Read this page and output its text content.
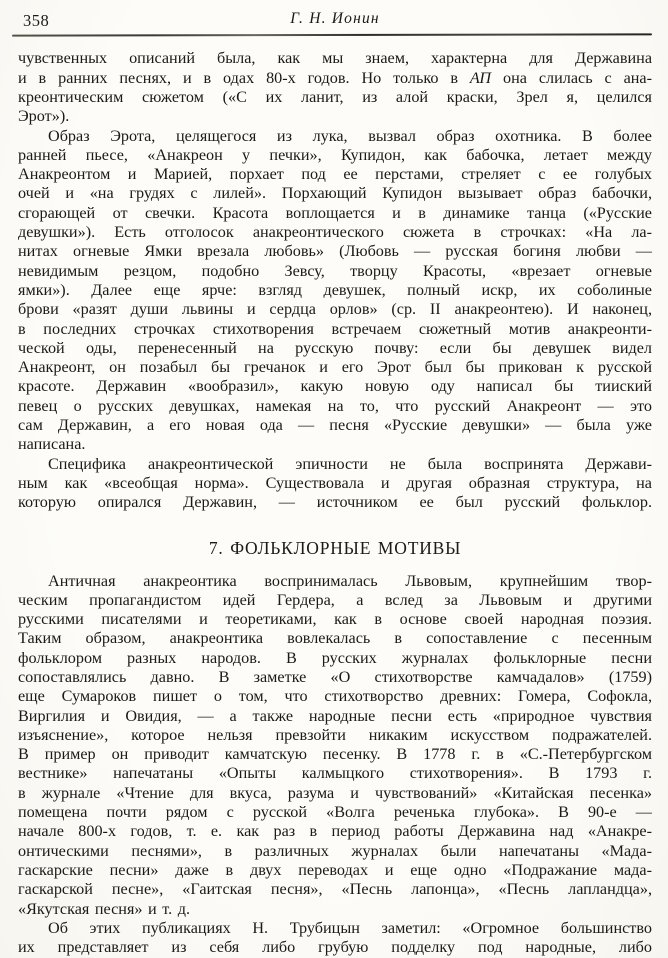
358	Г. Н. Ионин
чувственных описаний была, как мы знаем, характерна для Державина
и в ранних песнях, и в одах 80-х годов. Но только в АП она слилась с ана-
креонтическим сюжетом («С их ланит, из алой краски, Зрел я, целился
Эрот»).
Образ Эрота, целящегося из лука, вызвал образ охотника. В более
ранней пьесе, «Анакреон у печки», Купидон, как бабочка, летает между
Анакреонтом и Марией, порхает под ее перстами, стреляет с ее голубых
очей и «на грудях с лилей». Порхающий Купидон вызывает образ бабочки,
сгорающей от свечки. Красота воплощается и в динамике танца («Русские
девушки»). Есть отголосок анакреонтического сюжета в строчках: «На ла-
нитах огневые Ямки врезала любовь» (Любовь — русская богиня любви —
невидимым резцом, подобно Зевсу, творцу Красоты, «врезает огневые
ямки»). Далее еще ярче: взгляд девушек, полный искр, их соболиные
брови «разят души львины и сердца орлов» (ср. II анакреонтею). И наконец,
в последних строчках стихотворения встречаем сюжетный мотив анакреонти-
ческой оды, перенесенный на русскую почву: если бы девушек видел
Анакреонт, он позабыл бы гречанок и его Эрот был бы прикован к русской
красоте. Державин «вообразил», какую новую оду написал бы тииский
певец о русских девушках, намекая на то, что русский Анакреонт — это
сам Державин, а его новая ода — песня «Русские девушки» — была уже
написана.
Специфика анакреонтической эпичности не была воспринята Держави-
ным как «всеобщая норма». Существовала и другая образная структура, на
которую опирался Державин, — источником ее был русский фольклор.
7. ФОЛЬКЛОРНЫЕ МОТИВЫ
Античная анакреонтика воспринималась Львовым, крупнейшим твор-
ческим пропагандистом идей Гердера, а вслед за Львовым и другими
русскими писателями и теоретиками, как в основе своей народная поэзия.
Таким образом, анакреонтика вовлекалась в сопоставление с песенным
фольклором разных народов. В русских журналах фольклорные песни
сопоставлялись давно. В заметке «О стихотворстве камчадалов» (1759)
еще Сумароков пишет о том, что стихотворство древних: Гомера, Софокла,
Виргилия и Овидия, — а также народные песни есть «природное чувствия
изъяснение», которое нельзя превзойти никаким искусством подражателей.
В пример он приводит камчатскую песенку. В 1778 г. в «С.-Петербургском
вестнике» напечатаны «Опыты калмыцкого стихотворения». В 1793 г.
в журнале «Чтение для вкуса, разума и чувствований» «Китайская песенка»
помещена почти рядом с русской «Волга реченька глубока». В 90-е —
начале 800-х годов, т. е. как раз в период работы Державина над «Анакре-
онтическими песнями», в различных журналах были напечатаны «Мада-
гаскарские песни» даже в двух переводах и еще одно «Подражание мада-
гаскарской песне», «Гаитская песня», «Песнь лапонца», «Песнь лапландца»,
«Якутская песня» и т. д.
Об этих публикациях Н. Трубицын заметил: «Огромное большинство
их представляет из себя либо грубую подделку под народные, либо
